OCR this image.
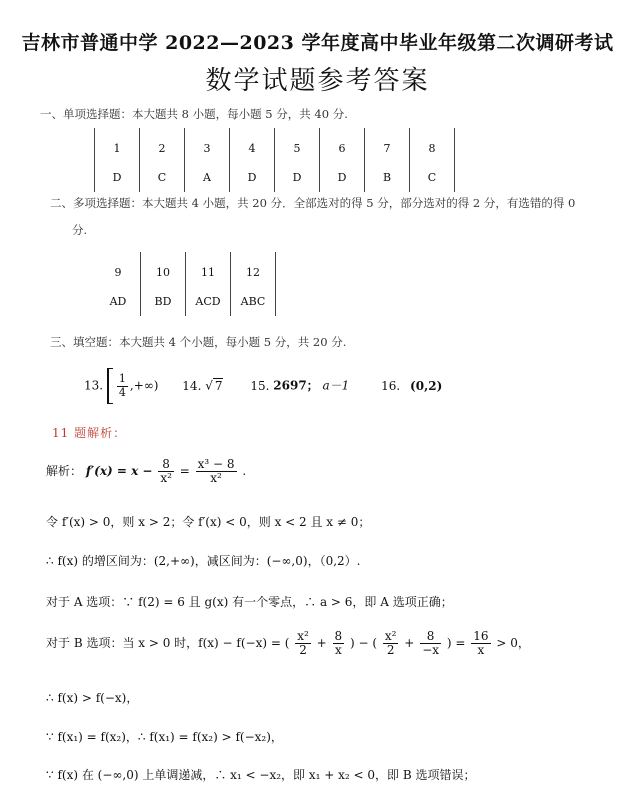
吉林市普通中学 2022—2023 学年度高中毕业年级第二次调研考试
数学试题参考答案
一、单项选择题：本大题共 8 小题，每小题 5 分，共 40 分.
1	2	3	4	5	6	7	8
D	C	A	D	D	D	B	C
二、多项选择题：本大题共 4 小题，共 20 分．全部选对的得 5 分，部分选对的得 2 分，有选错的得 0
分.
9	10	11	12
AD	BD	ACD	ABC
三、填空题：本大题共 4 个小题，每小题 5 分，共 20 分.
13. $\frac{1}{4}$ ,+∞) 14. √ 7 15. 2697； a－1	16. (0,2)
11 题解析：
解析： $f'(x) = x - \frac{8}{\text{x²}} = \frac{\text{x³ − 8}}{\text{x²}}$ .
令 f′(x) > 0，则 x > 2；令 f′(x) < 0，则 x < 2 且 x ≠ 0；
∴ f(x) 的增区间为：(2,+∞)，减区间为：(−∞,0)，（0,2）.
对于 A 选项：∵ f(2) = 6 且 g(x) 有一个零点，∴ a > 6，即 A 选项正确；
对于 B 选项：当 x > 0 时，f(x) − f(−x) = ( $\frac{\text{x²}}{2} + \frac{8}{x}$ ) − ( $\frac{\text{x²}}{2} + \frac{8}{-x}$ ) = $\frac{16}{x} > 0$，
∴ f(x) > f(−x)，
∵ f(x₁) = f(x₂)，∴ f(x₁) = f(x₂) > f(−x₂)，
∵ f(x) 在 (−∞,0) 上单调递减，∴ x₁ < −x₂，即 x₁ + x₂ < 0，即 B 选项错误；
